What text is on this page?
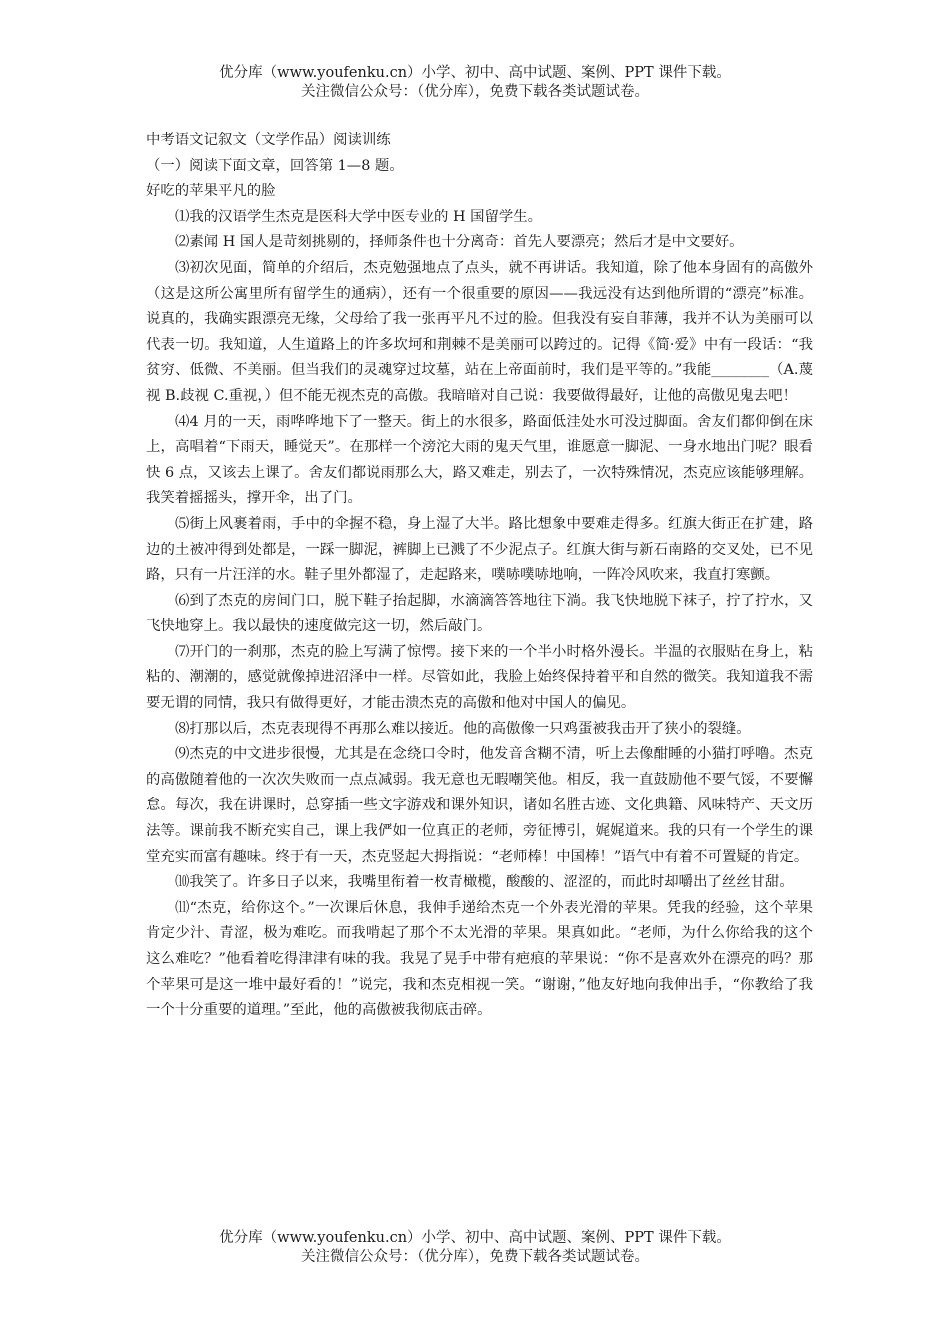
优分库（www.youfenku.cn）小学、初中、高中试题、案例、PPT 课件下载。
关注微信公众号：（优分库），免费下载各类试题试卷。
中考语文记叙文（文学作品）阅读训练
（一）阅读下面文章，回答第 1—8 题。
好吃的苹果平凡的脸

⑴我的汉语学生杰克是医科大学中医专业的 H 国留学生。

⑵素闻 H 国人是苛刻挑剔的，择师条件也十分离奇：首先人要漂亮；然后才是中文要好。

⑶初次见面，简单的介绍后，杰克勉强地点了点头，就不再讲话。我知道，除了他本身固有的高傲外（这是这所公寓里所有留学生的通病），还有一个很重要的原因——我远没有达到他所谓的“漂亮”标准。说真的，我确实跟漂亮无缘，父母给了我一张再平凡不过的脸。但我没有妄自菲薄，我并不认为美丽可以代表一切。我知道，人生道路上的许多坎坷和荆棘不是美丽可以跨过的。记得《简·爱》中有一段话：“我贫穷、低微、不美丽。但当我们的灵魂穿过坟墓，站在上帝面前时，我们是平等的。”我能________（A.蔑视 B.歧视 C.重视，）但不能无视杰克的高傲。我暗暗对自己说：我要做得最好，让他的高傲见鬼去吧！

⑷4 月的一天，雨哗哗地下了一整天。街上的水很多，路面低洼处水可没过脚面。舍友们都仰倒在床上，高唱着“下雨天，睡觉天”。在那样一个滂沱大雨的鬼天气里，谁愿意一脚泥、一身水地出门呢？眼看快 6 点，又该去上课了。舍友们都说雨那么大，路又难走，别去了，一次特殊情况，杰克应该能够理解。我笑着摇摇头，撑开伞，出了门。

⑸街上风裹着雨，手中的伞握不稳，身上湿了大半。路比想象中要难走得多。红旗大街正在扩建，路边的土被冲得到处都是，一踩一脚泥，裤脚上已溅了不少泥点子。红旗大街与新石南路的交叉处，已不见路，只有一片汪洋的水。鞋子里外都湿了，走起路来，噗哧噗哧地响，一阵冷风吹来，我直打寒颤。

⑹到了杰克的房间门口，脱下鞋子抬起脚，水滴滴答答地往下淌。我飞快地脱下袜子，拧了拧水，又飞快地穿上。我以最快的速度做完这一切，然后敲门。

⑺开门的一刹那，杰克的脸上写满了惊愕。接下来的一个半小时格外漫长。半温的衣服贴在身上，粘粘的、潮潮的，感觉就像掉进沼泽中一样。尽管如此，我脸上始终保持着平和自然的微笑。我知道我不需要无谓的同情，我只有做得更好，才能击溃杰克的高傲和他对中国人的偏见。

⑻打那以后，杰克表现得不再那么难以接近。他的高傲像一只鸡蛋被我击开了狭小的裂缝。

⑼杰克的中文进步很慢，尤其是在念绕口令时，他发音含糊不清，听上去像酣睡的小猫打呼噜。杰克的高傲随着他的一次次失败而一点点减弱。我无意也无暇嘲笑他。相反，我一直鼓励他不要气馁，不要懈怠。每次，我在讲课时，总穿插一些文字游戏和课外知识，诸如名胜古迹、文化典籍、风味特产、天文历法等。课前我不断充实自己，课上我俨如一位真正的老师，旁征博引，娓娓道来。我的只有一个学生的课堂充实而富有趣味。终于有一天，杰克竖起大拇指说：“老师棒！中国棒！”语气中有着不可置疑的肯定。

⑽我笑了。许多日子以来，我嘴里衔着一枚青橄榄，酸酸的、涩涩的，而此时却嚼出了丝丝甘甜。

⑾“杰克，给你这个。”一次课后休息，我伸手递给杰克一个外表光滑的苹果。凭我的经验，这个苹果肯定少汁、青涩，极为难吃。而我啃起了那个不太光滑的苹果。果真如此。“老师，为什么你给我的这个这么难吃？”他看着吃得津津有味的我。我晃了晃手中带有疤痕的苹果说：“你不是喜欢外在漂亮的吗？那个苹果可是这一堆中最好看的！”说完，我和杰克相视一笑。“谢谢，”他友好地向我伸出手，“你教给了我一个十分重要的道理。”至此，他的高傲被我彻底击碎。

优分库（www.youfenku.cn）小学、初中、高中试题、案例、PPT 课件下载。
关注微信公众号：（优分库），免费下载各类试题试卷。
